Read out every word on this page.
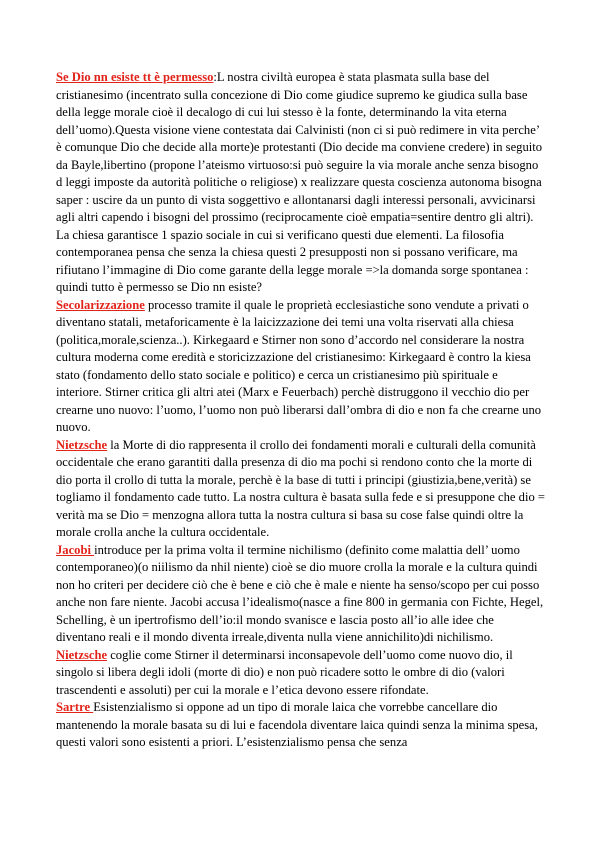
Se Dio nn esiste tt è permesso:L nostra civiltà europea è stata plasmata sulla base del cristianesimo (incentrato sulla concezione di Dio come giudice supremo ke giudica sulla base della legge morale cioè il decalogo di cui lui stesso è la fonte, determinando la vita eterna dell’uomo).Questa visione viene contestata dai Calvinisti (non ci si può redimere in vita perche’ è comunque Dio che decide alla morte)e protestanti (Dio decide ma conviene credere) in seguito da Bayle,libertino (propone l’ateismo virtuoso:si può seguire la via morale anche senza bisogno d leggi imposte da autorità politiche o religiose) x realizzare questa coscienza autonoma bisogna saper : uscire da un punto di vista soggettivo e allontanarsi dagli interessi personali, avvicinarsi agli altri capendo i bisogni del prossimo (reciprocamente cioè empatia=sentire dentro gli altri). La chiesa garantisce 1 spazio sociale in cui si verificano questi due elementi. La filosofia contemporanea pensa che senza la chiesa questi 2 presupposti non si possano verificare, ma rifiutano l’immagine di Dio come garante della legge morale =>la domanda sorge spontanea : quindi tutto è permesso se Dio nn esiste?

Secolarizzazione processo tramite il quale le proprietà ecclesiastiche sono vendute a privati o diventano statali, metaforicamente è la laicizzazione dei temi una volta riservati alla chiesa (politica,morale,scienza..). Kirkegaard e Stirner non sono d’accordo nel considerare la nostra cultura moderna come eredità e storicizzazione del cristianesimo: Kirkegaard è contro la kiesa stato (fondamento dello stato sociale e politico) e cerca un cristianesimo più spirituale e interiore. Stirner critica gli altri atei (Marx e Feuerbach) perchè distruggono il vecchio dio per crearne uno nuovo: l’uomo, l’uomo non può liberarsi dall’ombra di dio e non fa che crearne uno nuovo.

Nietzsche la Morte di dio rappresenta il crollo dei fondamenti morali e culturali della comunità occidentale che erano garantiti dalla presenza di dio ma pochi si rendono conto che la morte di dio porta il crollo di tutta la morale, perchè è la base di tutti i principi (giustizia,bene,verità) se togliamo il fondamento cade tutto. La nostra cultura è basata sulla fede e si presuppone che dio = verità ma se Dio = menzogna allora tutta la nostra cultura si basa su cose false quindi oltre la morale crolla anche la cultura occidentale.

Jacobi introduce per la prima volta il termine nichilismo (definito come malattia dell’ uomo contemporaneo)(o niilismo da nhil niente) cioè se dio muore crolla la morale e la cultura quindi non ho criteri per decidere ciò che è bene e ciò che è male e niente ha senso/scopo per cui posso anche non fare niente. Jacobi accusa l’idealismo(nasce a fine 800 in germania con Fichte, Hegel, Schelling, è un ipertrofismo dell’io:il mondo svanisce e lascia posto all’io alle idee che diventano reali e il mondo diventa irreale,diventa nulla viene annichilito)di nichilismo.

Nietzsche coglie come Stirner il determinarsi inconsapevole dell’uomo come nuovo dio, il singolo si libera degli idoli (morte di dio) e non può ricadere sotto le ombre di dio (valori trascendenti e assoluti) per cui la morale e l’etica devono essere rifondate.

Sartre Esistenzialismo si oppone ad un tipo di morale laica che vorrebbe cancellare dio mantenendo la morale basata su di lui e facendola diventare laica quindi senza la minima spesa, questi valori sono esistenti a priori. L’esistenzialismo pensa che senza
